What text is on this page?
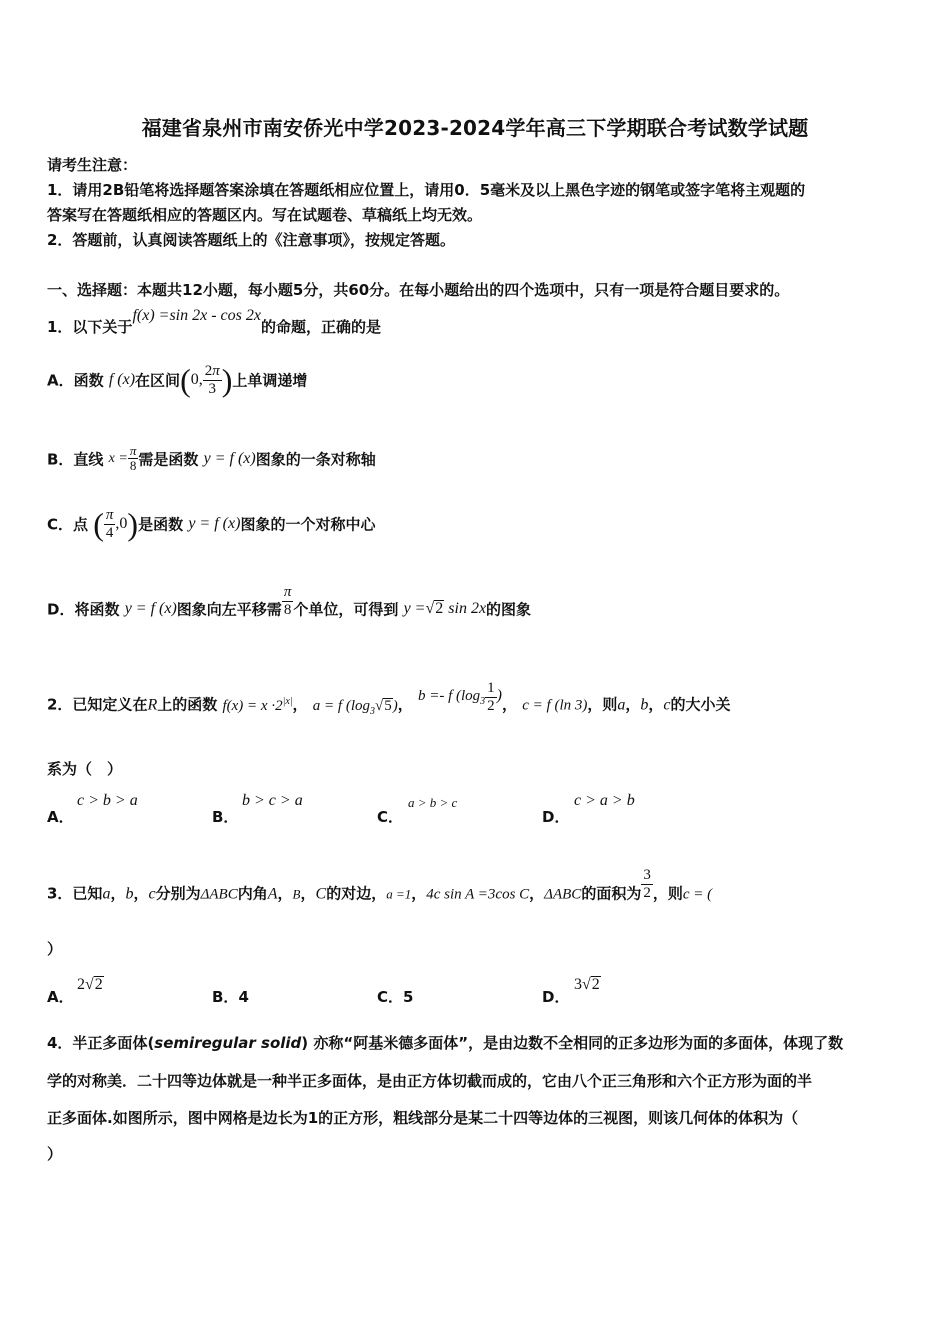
福建省泉州市南安侨光中学2023-2024学年高三下学期联合考试数学试题
请考生注意：
1．请用2B铅笔将选择题答案涂填在答题纸相应位置上，请用0．5毫米及以上黑色字迹的钢笔或签字笔将主观题的
答案写在答题纸相应的答题区内。写在试题卷、草稿纸上均无效。
2．答题前，认真阅读答题纸上的《注意事项》，按规定答题。
一、选择题：本题共12小题，每小题5分，共60分。在每小题给出的四个选项中，只有一项是符合题目要求的。
1．以下关于f(x) =sin 2x - cos 2x的命题，正确的是
A．函数 f (x)在区间(0, $\frac{2\pi}{3}$ )上单调递增
B．直线 $x = \frac{\pi}{8}$ 需是函数 y = f (x)图象的一条对称轴
C．点 ( $\frac{\pi}{4} ,0$)是函数 y = f (x)图象的一个对称中心
D．将函数 y = f (x)图象向左平移需 $\frac{\pi}{8}$ 个单位，可得到 y =√2 sin 2x的图象
2．已知定义在R上的函数 $f(x) = x \cdot 2^{|x|}$， a = f $(\log_3√5)$， b =- f ($\log_3 \frac{1}{2}$ )， c = f (ln 3)，则a，b，c的大小关
系为（　）
A．
c > b > a
B．
b > c > a
C．
a > b > c
D．
c > a > b
3．已知a，b，c分别为ΔABC内角A，B，C的对边，a =1，4c sin A =3cos C，ΔABC的面积为 $\frac{3}{2}$ ，则c = (
）
A．
2√2
B．4	C．5	D．
3√2
4．半正多面体(semiregular solid) 亦称“阿基米德多面体”，是由边数不全相同的正多边形为面的多面体，体现了数
学的对称美．二十四等边体就是一种半正多面体，是由正方体切截而成的，它由八个正三角形和六个正方形为面的半
正多面体.如图所示，图中网格是边长为1的正方形，粗线部分是某二十四等边体的三视图，则该几何体的体积为（
）
